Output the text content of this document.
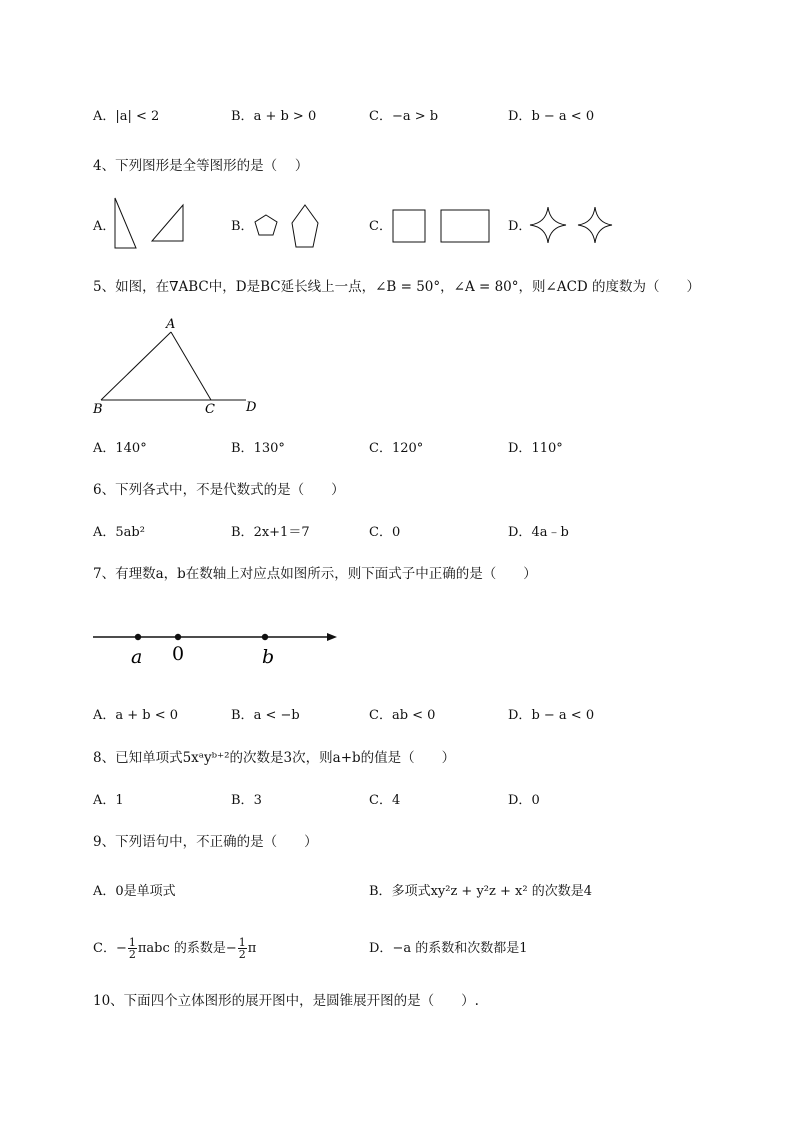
A．|a| < 2	B．a + b > 0	C．−a > b	D．b − a < 0
4、下列图形是全等图形的是（　 ）
A．	B．	C．	D．
5、如图，在∇ABC中，D是BC延长线上一点，∠B = 50°，∠A = 80°，则∠ACD 的度数为（　　）
A
B	C D
A．140°	B．130°	C．120°	D．110°
6、下列各式中，不是代数式的是（　　）
A．5ab²	B．2x+1＝7	C．0	D．4a﹣b
7、有理数a，b在数轴上对应点如图所示，则下面式子中正确的是（　　）
a 0	b
A．a + b < 0	B．a < −b	C．ab < 0	D．b − a < 0
8、已知单项式5xᵃyᵇ⁺²的次数是3次，则a+b的值是（　　）
A．1	B．3	C．4	D．0
9、下列语句中，不正确的是（　　）
A．0是单项式	B．多项式xy²z + y²z + x² 的次数是4
C．− $\frac{1}{2}$ πabc 的系数是− $\frac{1}{2}$ π	D．−a 的系数和次数都是1
10、下面四个立体图形的展开图中，是圆锥展开图的是（　　）.
